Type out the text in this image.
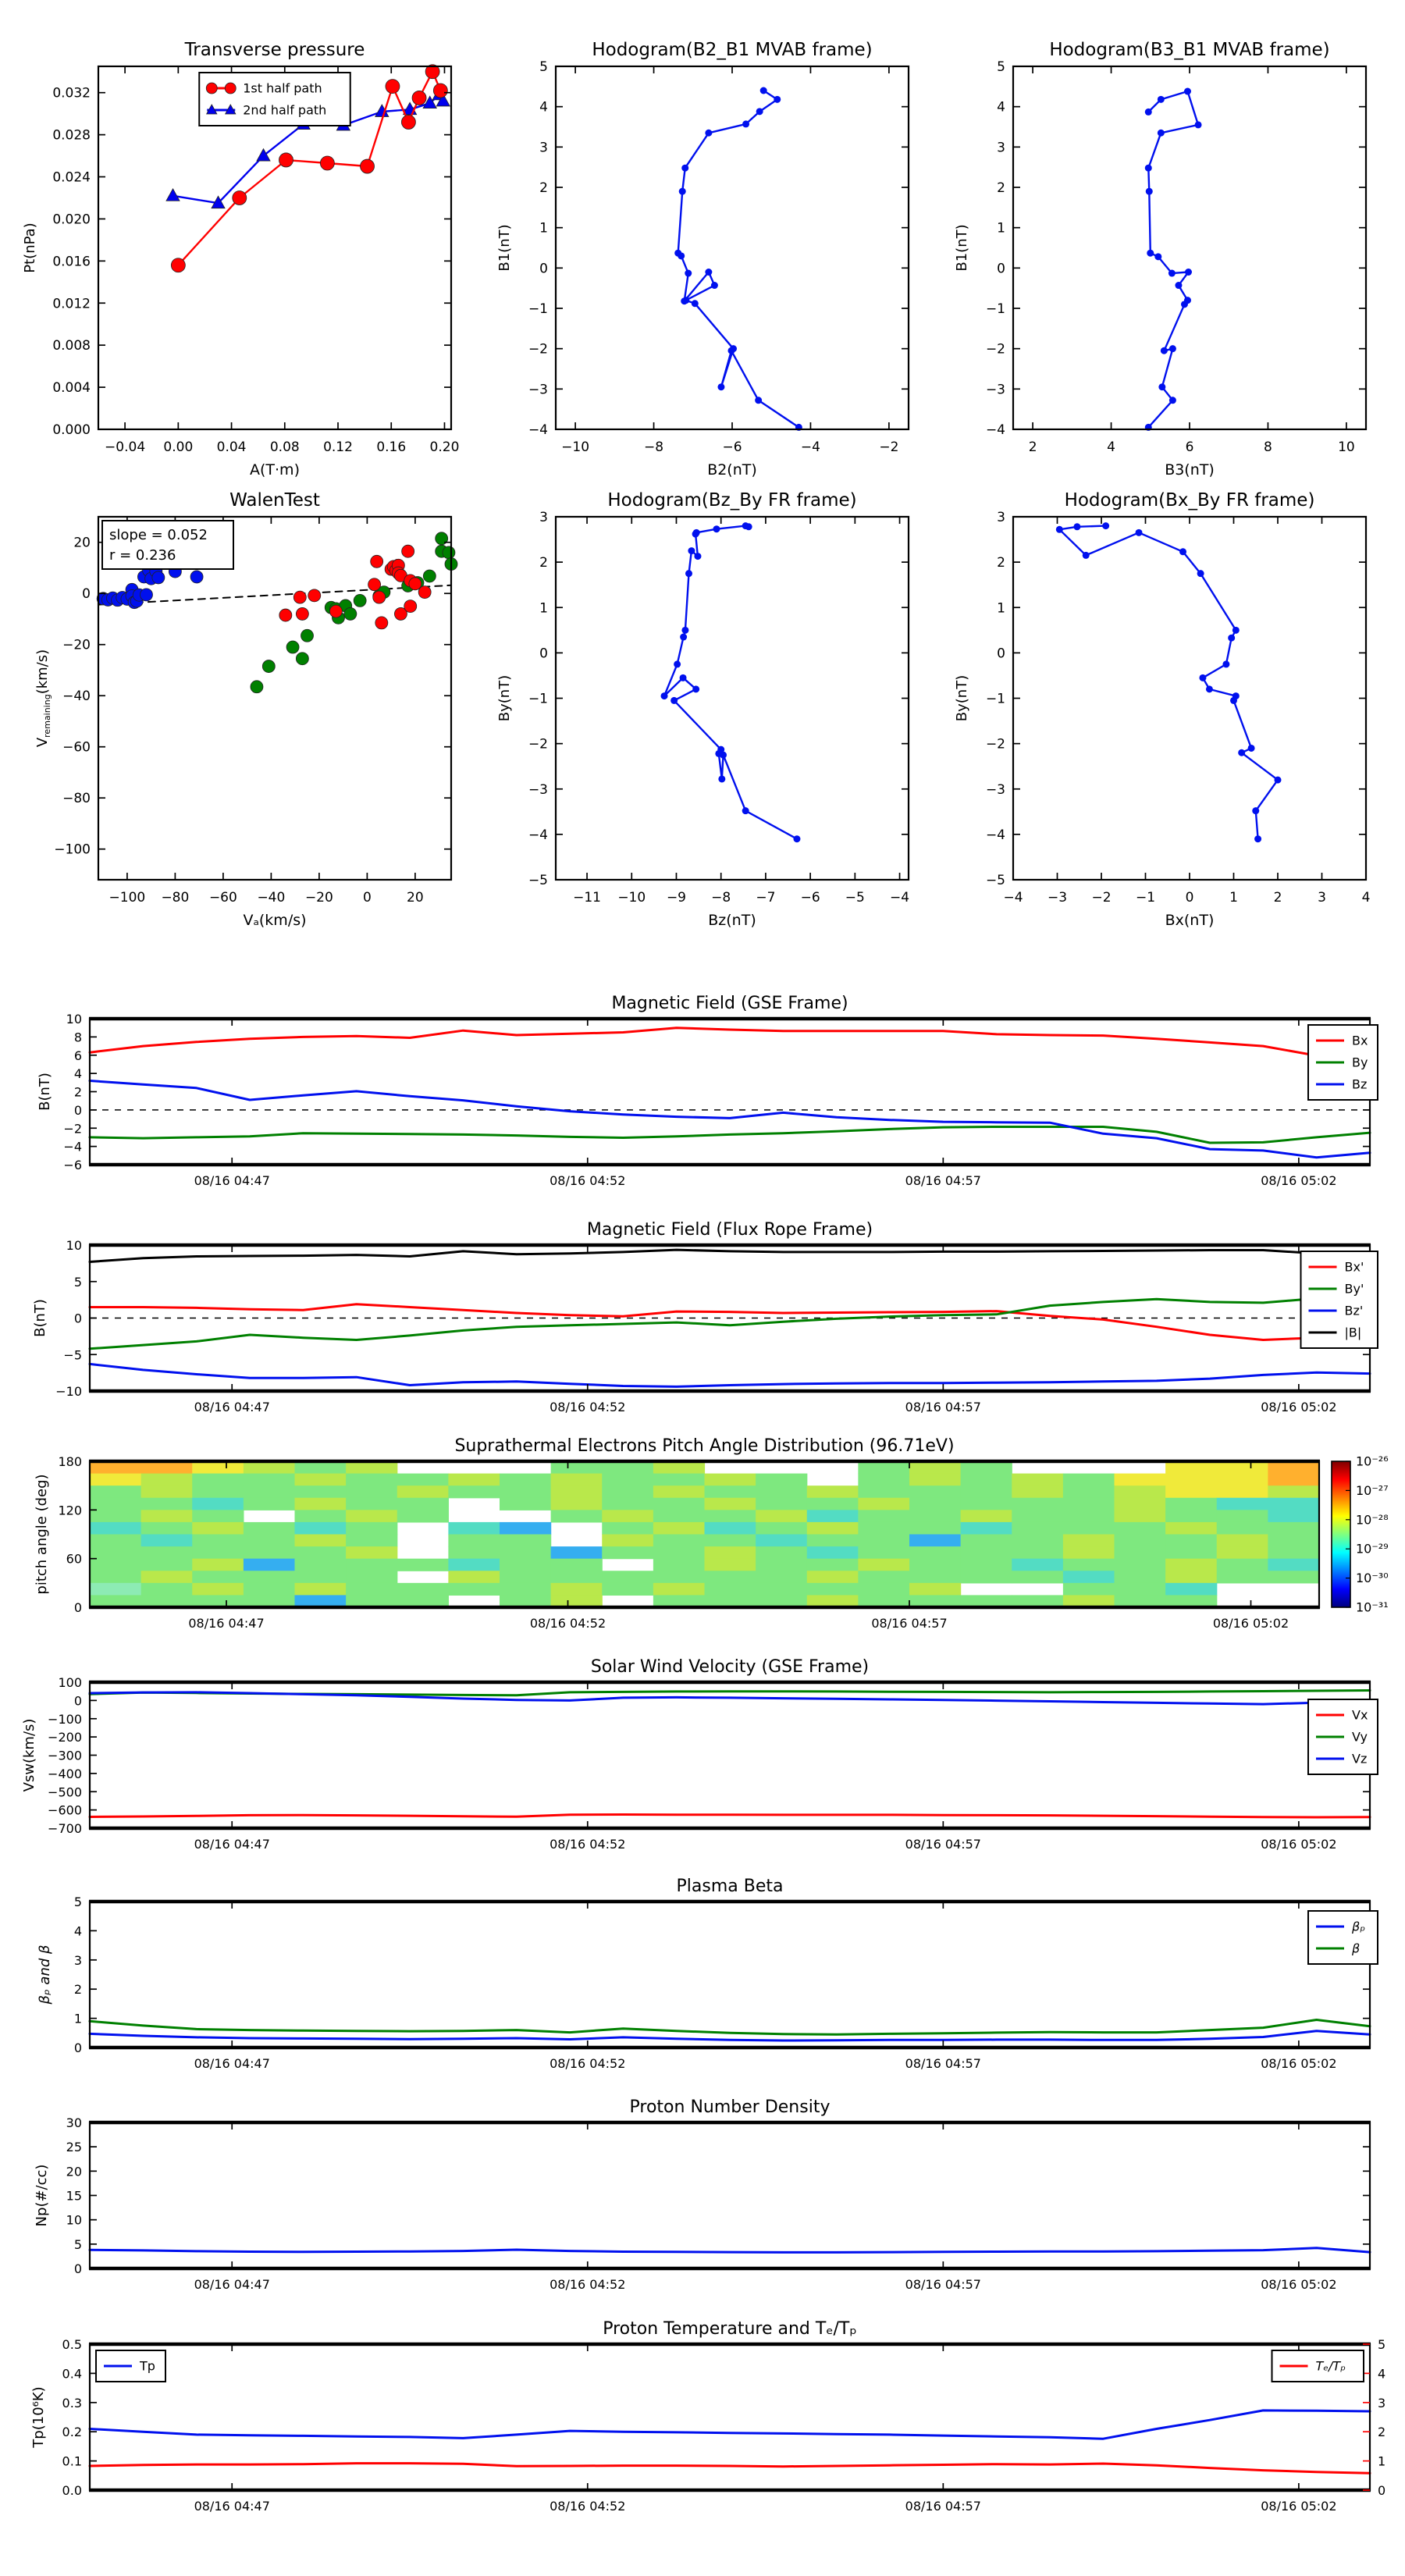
−0.04 0.00 0.04 0.08 0.12 0.16 0.20
0.000
0.004
0.008
0.012
0.016
0.020
0.024
0.028
0.032
Transverse pressure
A(T·m)
Pt(nPa)
1st half path
2nd half path
−10	−8	−6	−4	−2
−4
−3
−2
−1
0
1
2
3
4
5
Hodogram(B2_B1 MVAB frame)
B2(nT)
B1(nT)
2	4	6	8	10
−4
−3
−2
−1
0
1
2
3
4
5
Hodogram(B3_B1 MVAB frame)
B3(nT)
B1(nT)
−100 −80 −60 −40 −20 0	20
−100
−80
−60
−40
−20
0
20
WalenTest
Vₐ(km/s)
$V_{remaining}(km/s)$
slope = 0.052
r = 0.236
−11 −10 −9 −8 −7 −6 −5 −4
−5
−4
−3
−2
−1
0
1
2
3
Hodogram(Bz_By FR frame)
Bz(nT)
By(nT)
−4 −3 −2 −1 0	1	2	3	4
−5
−4
−3
−2
−1
0
1
2
3
Hodogram(Bx_By FR frame)
Bx(nT)
By(nT)
08/16 04:47	08/16 04:52	08/16 04:57	08/16 05:02
−6
−4
−2
0
2
4
6
8
10
Magnetic Field (GSE Frame)
B(nT)
Bx
By
Bz
08/16 04:47	08/16 04:52	08/16 04:57	08/16 05:02
−10
−5
0
5
10
Magnetic Field (Flux Rope Frame)
B(nT)
Bx'
By'
Bz'
|B|
10⁻²⁶
10⁻²⁷
10⁻²⁸
10⁻²⁹
10⁻³⁰
10⁻³¹
08/16 04:47	08/16 04:52	08/16 04:57	08/16 05:02
0
60
120
180
Suprathermal Electrons Pitch Angle Distribution (96.71eV)
pitch angle (deg)
08/16 04:47	08/16 04:52	08/16 04:57	08/16 05:02
−700
−600
−500
−400
−300
−200
−100
0
100
Solar Wind Velocity (GSE Frame)
Vsw(km/s)
Vx
Vy
Vz
08/16 04:47	08/16 04:52	08/16 04:57	08/16 05:02
0
1
2
3
4
5
Plasma Beta
βₚ and β
βₚ
β
08/16 04:47	08/16 04:52	08/16 04:57	08/16 05:02
0
5
10
15
20
25
30
Proton Number Density
Np(#/cc)
08/16 04:47	08/16 04:52	08/16 04:57	08/16 05:02
0.0
0.1
0.2
0.3
0.4
0.5
0
1
2
3
4
5
Proton Temperature and Tₑ/Tₚ
Tp(10⁶K)
Tp	Tₑ/Tₚ
